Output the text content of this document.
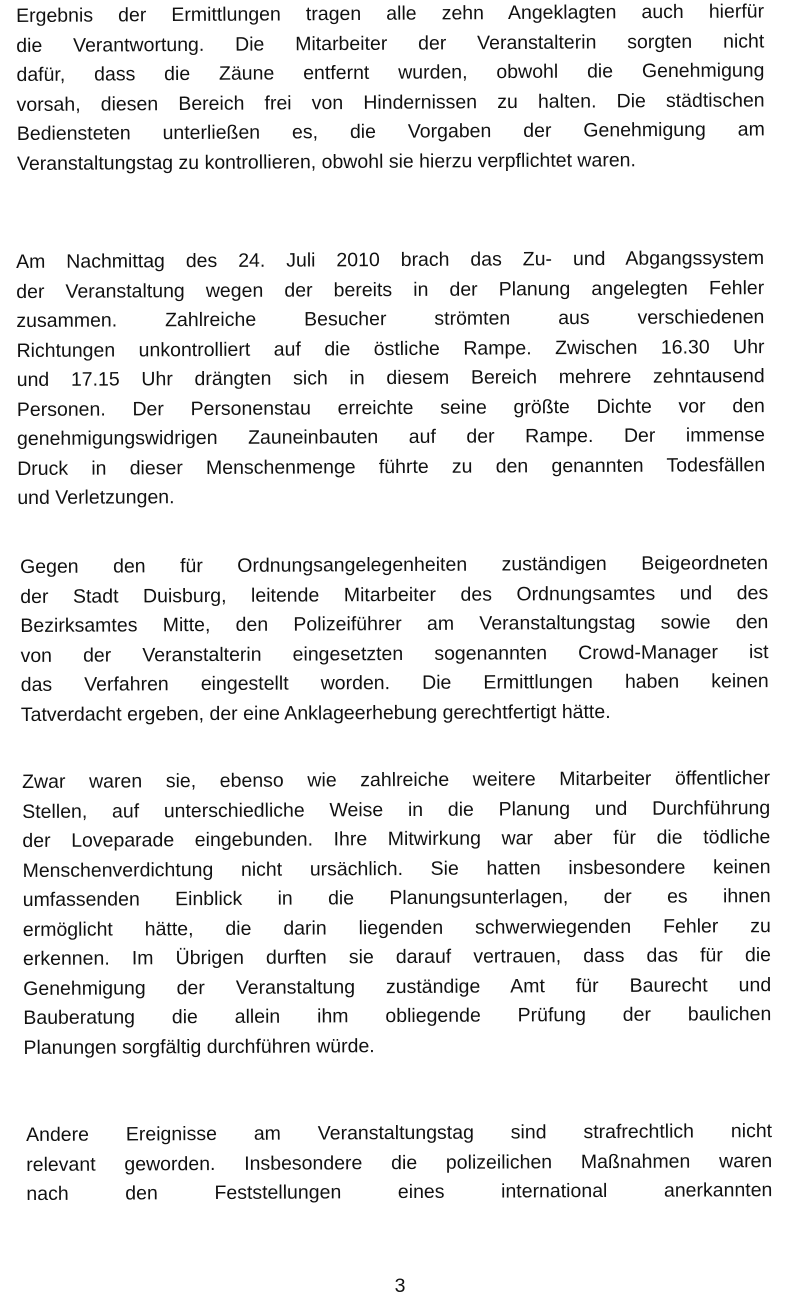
Ergebnis der Ermittlungen tragen alle zehn Angeklagten auch hierfür
die Verantwortung. Die Mitarbeiter der Veranstalterin sorgten nicht
dafür, dass die Zäune entfernt wurden, obwohl die Genehmigung
vorsah, diesen Bereich frei von Hindernissen zu halten. Die städtischen
Bediensteten unterließen es, die Vorgaben der Genehmigung am
Veranstaltungstag zu kontrollieren, obwohl sie hierzu verpflichtet waren.
Am Nachmittag des 24. Juli 2010 brach das Zu- und Abgangssystem
der Veranstaltung wegen der bereits in der Planung angelegten Fehler
zusammen. Zahlreiche Besucher strömten aus verschiedenen
Richtungen unkontrolliert auf die östliche Rampe. Zwischen 16.30 Uhr
und 17.15 Uhr drängten sich in diesem Bereich mehrere zehntausend
Personen. Der Personenstau erreichte seine größte Dichte vor den
genehmigungswidrigen Zauneinbauten auf der Rampe. Der immense
Druck in dieser Menschenmenge führte zu den genannten Todesfällen
und Verletzungen.
Gegen den für Ordnungsangelegenheiten zuständigen Beigeordneten
der Stadt Duisburg, leitende Mitarbeiter des Ordnungsamtes und des
Bezirksamtes Mitte, den Polizeiführer am Veranstaltungstag sowie den
von der Veranstalterin eingesetzten sogenannten Crowd-Manager ist
das Verfahren eingestellt worden. Die Ermittlungen haben keinen
Tatverdacht ergeben, der eine Anklageerhebung gerechtfertigt hätte.
Zwar waren sie, ebenso wie zahlreiche weitere Mitarbeiter öffentlicher
Stellen, auf unterschiedliche Weise in die Planung und Durchführung
der Loveparade eingebunden. Ihre Mitwirkung war aber für die tödliche
Menschenverdichtung nicht ursächlich. Sie hatten insbesondere keinen
umfassenden Einblick in die Planungsunterlagen, der es ihnen
ermöglicht hätte, die darin liegenden schwerwiegenden Fehler zu
erkennen. Im Übrigen durften sie darauf vertrauen, dass das für die
Genehmigung der Veranstaltung zuständige Amt für Baurecht und
Bauberatung die allein ihm obliegende Prüfung der baulichen
Planungen sorgfältig durchführen würde.
Andere Ereignisse am Veranstaltungstag sind strafrechtlich nicht
relevant geworden. Insbesondere die polizeilichen Maßnahmen waren
nach den Feststellungen eines international anerkannten
3
